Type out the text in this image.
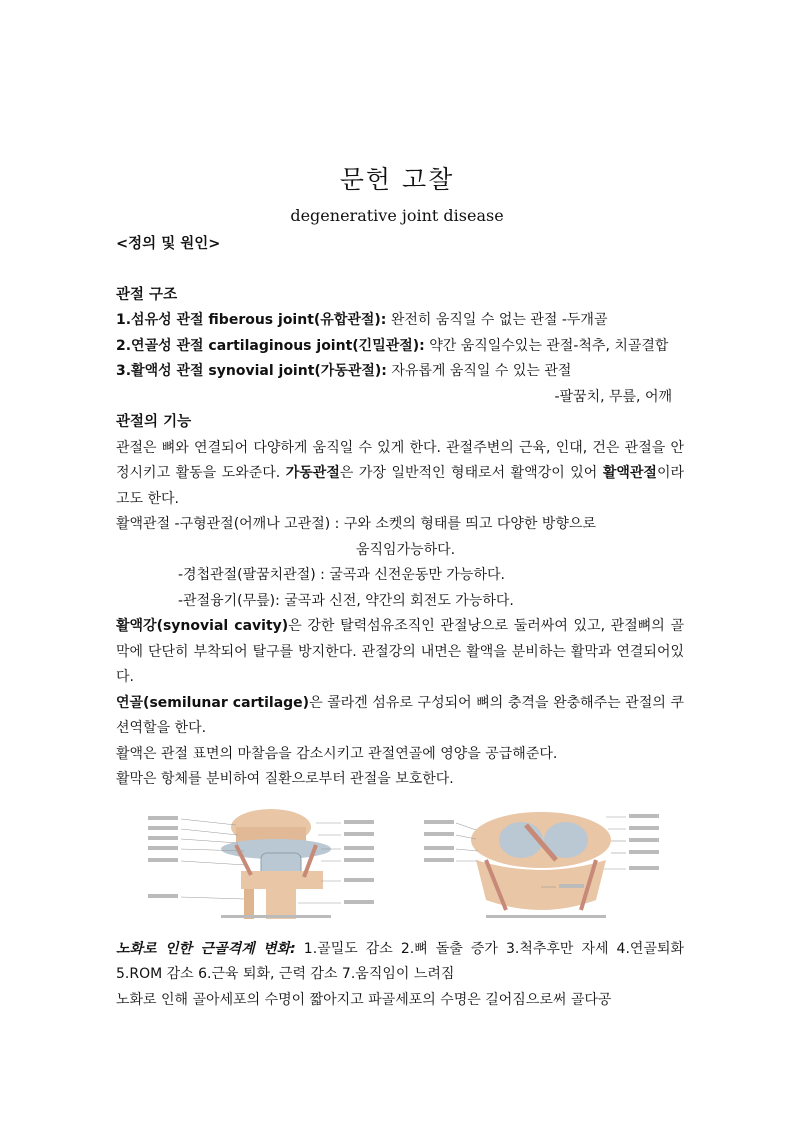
문헌 고찰
degenerative joint disease

<정의 및 원인>

관절 구조

1.섬유성 관절 fiberous joint(유합관절): 완전히 움직일 수 없는 관절 -두개골

2.연골성 관절 cartilaginous joint(긴밀관절): 약간 움직일수있는 관절-척추, 치골결합

3.활액성 관절 synovial joint(가동관절): 자유롭게 움직일 수 있는 관절

-팔꿈치, 무릎, 어깨

관절의 기능

관절은 뼈와 연결되어 다양하게 움직일 수 있게 한다. 관절주변의 근육, 인대, 건은 관절을 안정시키고 활동을 도와준다. 가동관절은 가장 일반적인 형태로서 활액강이 있어 활액관절이라고도 한다.

활액관절 -구형관절(어깨나 고관절) : 구와 소켓의 형태를 띄고 다양한 방향으로

움직임가능하다.

-경첩관절(팔꿈치관절) : 굴곡과 신전운동만 가능하다.

-관절융기(무릎): 굴곡과 신전, 약간의 회전도 가능하다.

활액강(synovial cavity)은 강한 탈력섬유조직인 관절낭으로 둘러싸여 있고, 관절뼈의 골막에 단단히 부착되어 탈구를 방지한다. 관절강의 내면은 활액을 분비하는 활막과 연결되어있다.

연골(semilunar cartilage)은 콜라겐 섬유로 구성되어 뼈의 충격을 완충해주는 관절의 쿠션역할을 한다.

활액은 관절 표면의 마찰음을 감소시키고 관절연골에 영양을 공급해준다.

활막은 항체를 분비하여 질환으로부터 관절을 보호한다.

노화로 인한 근골격계 변화: 1.골밀도 감소 2.뼈 돌출 증가 3.척추후만 자세 4.연골퇴화 5.ROM 감소 6.근육 퇴화, 근력 감소 7.움직임이 느려짐

노화로 인해 골아세포의 수명이 짧아지고 파골세포의 수명은 길어짐으로써 골다공
